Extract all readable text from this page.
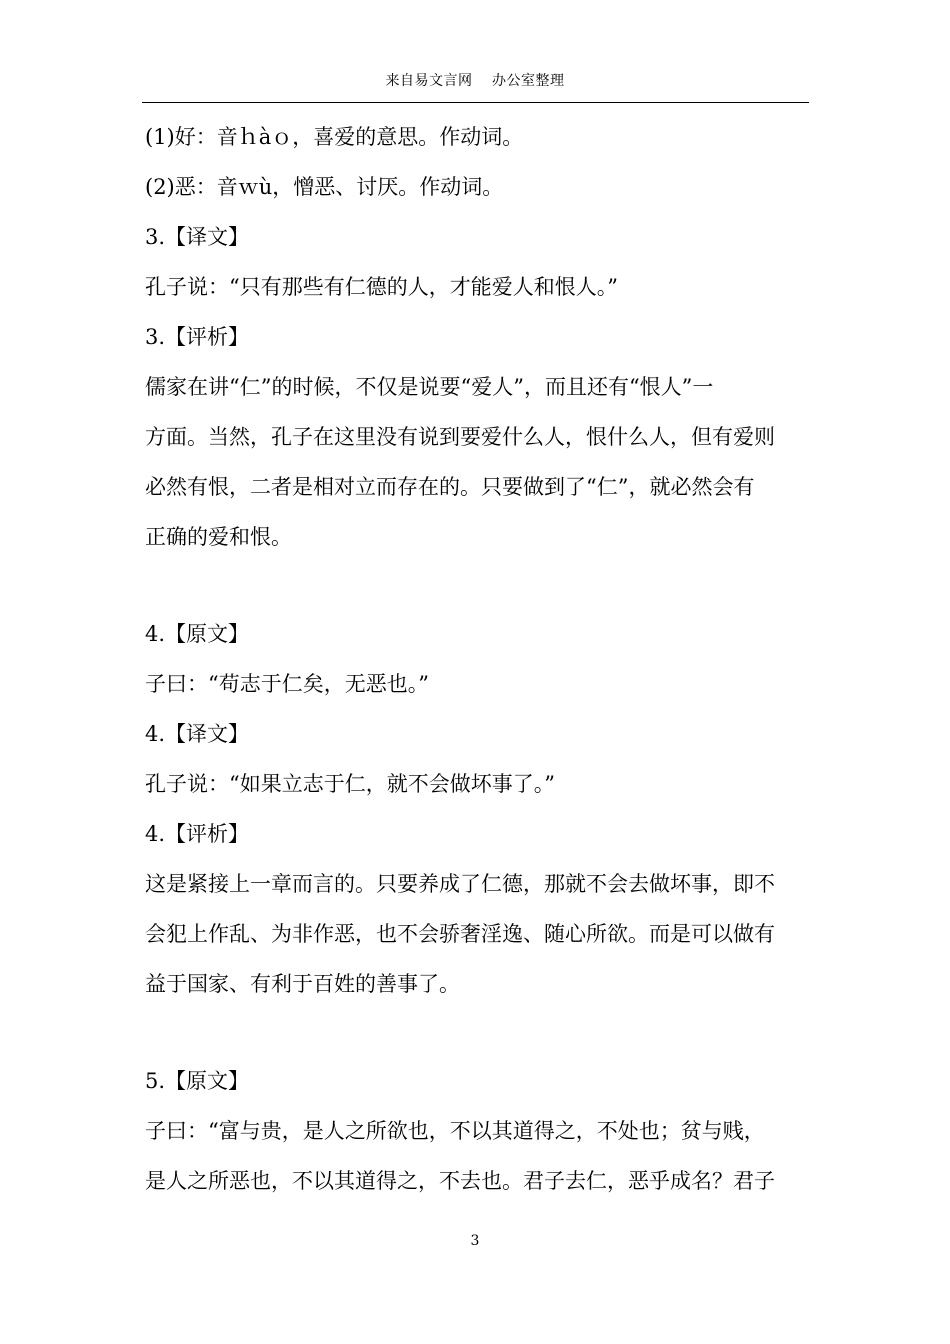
来自易文言网　 办公室整理
(1)好：音ｈàｏ，喜爱的意思。作动词。
(2)恶：音ｗù，憎恶、讨厌。作动词。
3.【译文】
孔子说：“只有那些有仁德的人，才能爱人和恨人。”
3.【评析】
儒家在讲“仁”的时候，不仅是说要“爱人”，而且还有“恨人”一
方面。当然，孔子在这里没有说到要爱什么人，恨什么人，但有爱则
必然有恨，二者是相对立而存在的。只要做到了“仁”，就必然会有
正确的爱和恨。
4.【原文】
子曰：“苟志于仁矣，无恶也。”
4.【译文】
孔子说：“如果立志于仁，就不会做坏事了。”
4.【评析】
这是紧接上一章而言的。只要养成了仁德，那就不会去做坏事，即不
会犯上作乱、为非作恶，也不会骄奢淫逸、随心所欲。而是可以做有
益于国家、有利于百姓的善事了。
5.【原文】
子曰：“富与贵，是人之所欲也，不以其道得之，不处也；贫与贱，
是人之所恶也，不以其道得之，不去也。君子去仁，恶乎成名？君子
3
